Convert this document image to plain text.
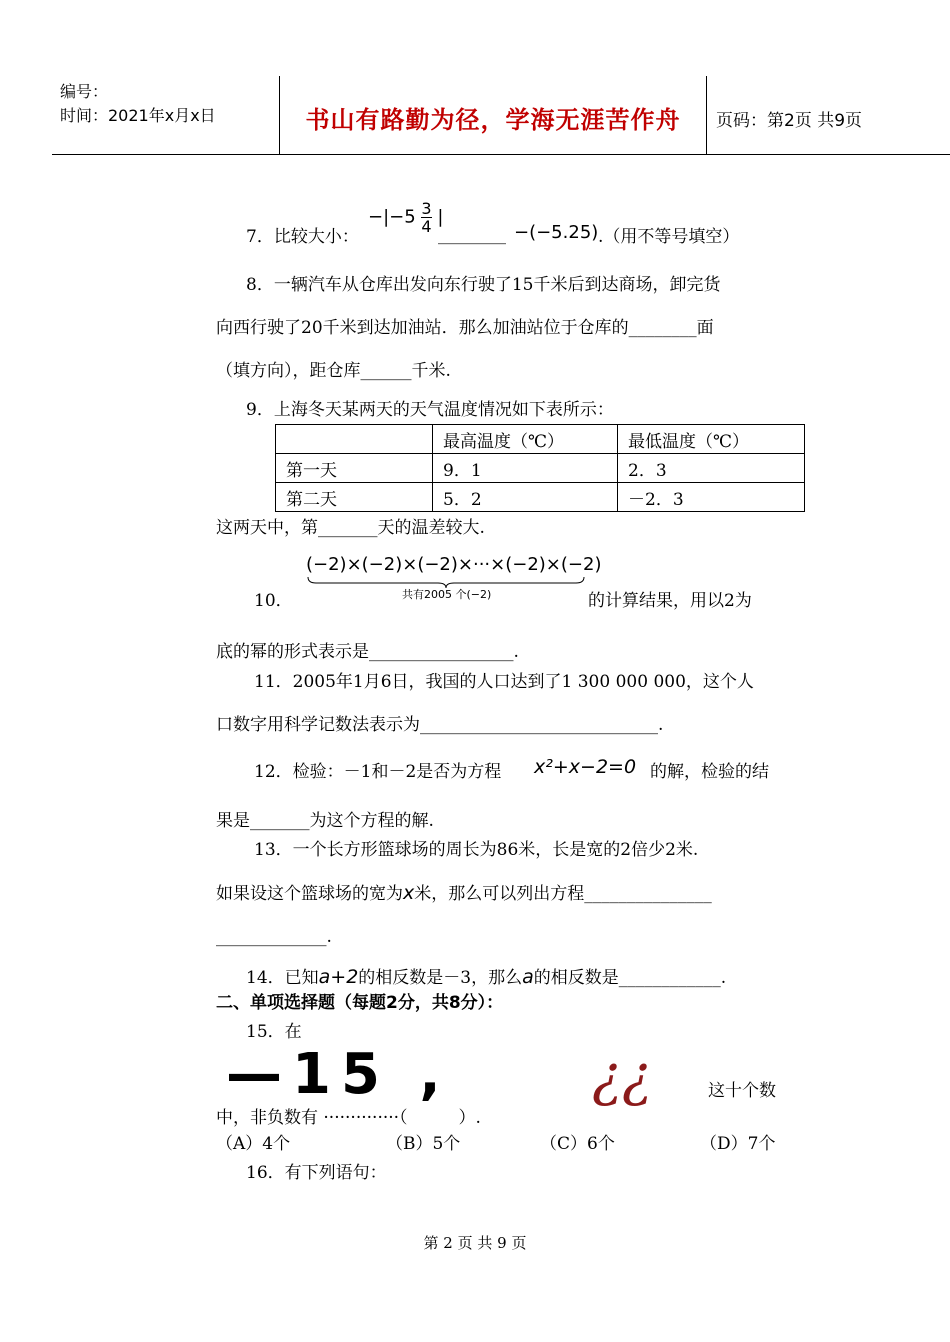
编号：
时间：2021年x月x日	书山有路勤为径，学海无涯苦作舟	页码：第2页 共9页
7．比较大小：
$-|-5 \frac{3}{4}$ |
________ −(−5.25) .（用不等号填空）
8．一辆汽车从仓库出发向东行驶了15千米后到达商场，卸完货
向西行驶了20千米到达加油站．那么加油站位于仓库的________面
（填方向），距仓库______千米.
9．上海冬天某两天的天气温度情况如下表所示：
	最高温度（℃）	最低温度（℃）
第一天	9．1	2．3
第二天	5．2	－2．3
这两天中，第_______天的温差较大.
(−2)×(−2)×(−2)×···×(−2)×(−2)
共有2005 个(−2)
10．	的计算结果，用以2为
底的幂的形式表示是_________________.
11．2005年1月6日，我国的人口达到了1 300 000 000，这个人
口数字用科学记数法表示为____________________________.
12．检验：－1和－2是否为方程 x²+x−2=0 的解，检验的结
果是_______为这个方程的解.
13．一个长方形篮球场的周长为86米，长是宽的2倍少2米.
如果设这个篮球场的宽为x米，那么可以列出方程_______________
_____________.
14．已知a+2的相反数是－3，那么a的相反数是____________.
二、单项选择题（每题2分，共8分）：
15．在
—15 ,	¿¿	这十个数
中，非负数有 ··············（　　　）.
（A）4个	（B）5个	（C）6个	（D）7个
16．有下列语句：
第 2 页 共 9 页
